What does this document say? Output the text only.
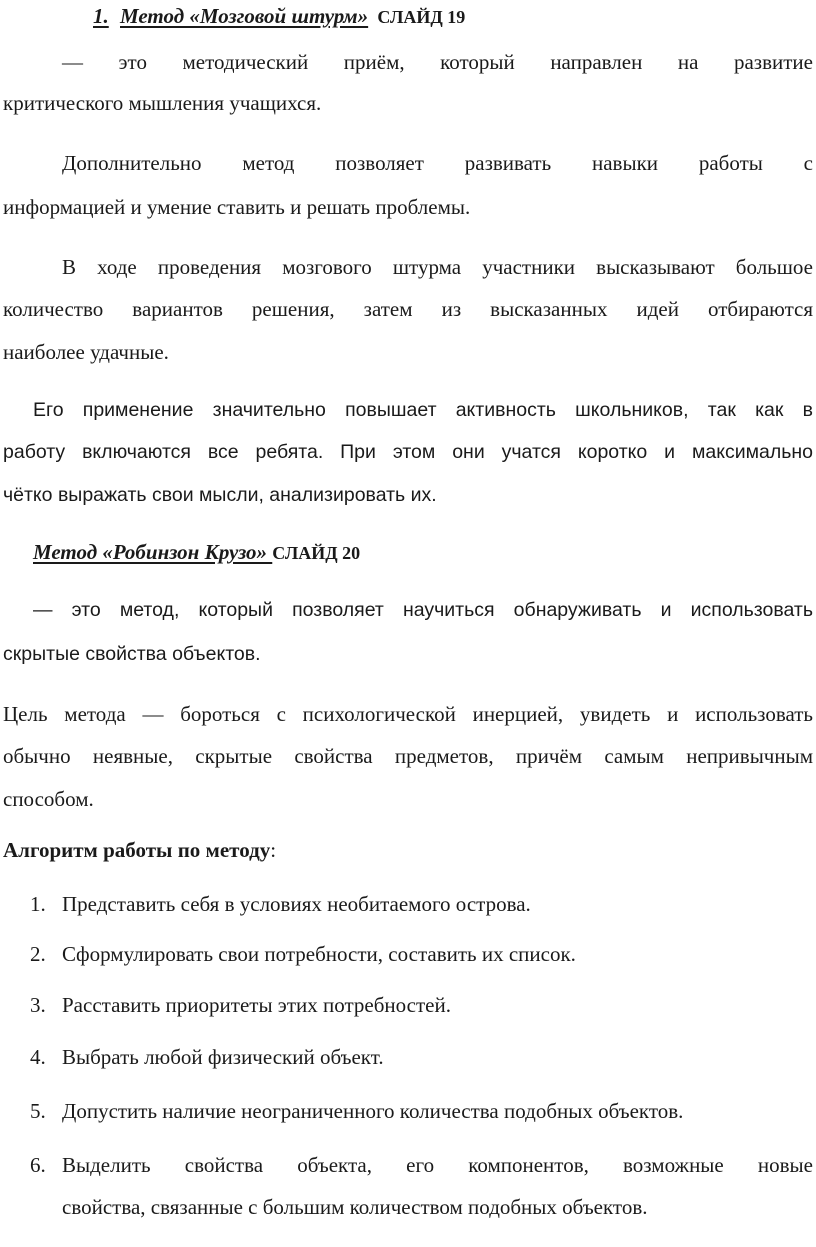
1. Метод «Мозговой штурм» СЛАЙД 19
— это методический приём, который направлен на развитие
критического мышления учащихся.
Дополнительно метод позволяет развивать навыки работы с
информацией и умение ставить и решать проблемы.
В ходе проведения мозгового штурма участники высказывают большое
количество вариантов решения, затем из высказанных идей отбираются
наиболее удачные.
Его применение значительно повышает активность школьников, так как в
работу включаются все ребята. При этом они учатся коротко и максимально
чётко выражать свои мысли, анализировать их.
Метод «Робинзон Крузо» СЛАЙД 20
— это метод, который позволяет научиться обнаруживать и использовать
скрытые свойства объектов.
Цель метода — бороться с психологической инерцией, увидеть и использовать
обычно неявные, скрытые свойства предметов, причём самым непривычным
способом.
Алгоритм работы по методу:
1. Представить себя в условиях необитаемого острова.
2. Сформулировать свои потребности, составить их список.
3. Расставить приоритеты этих потребностей.
4. Выбрать любой физический объект.
5. Допустить наличие неограниченного количества подобных объектов.
6. Выделить свойства объекта, его компонентов, возможные новые
свойства, связанные с большим количеством подобных объектов.
